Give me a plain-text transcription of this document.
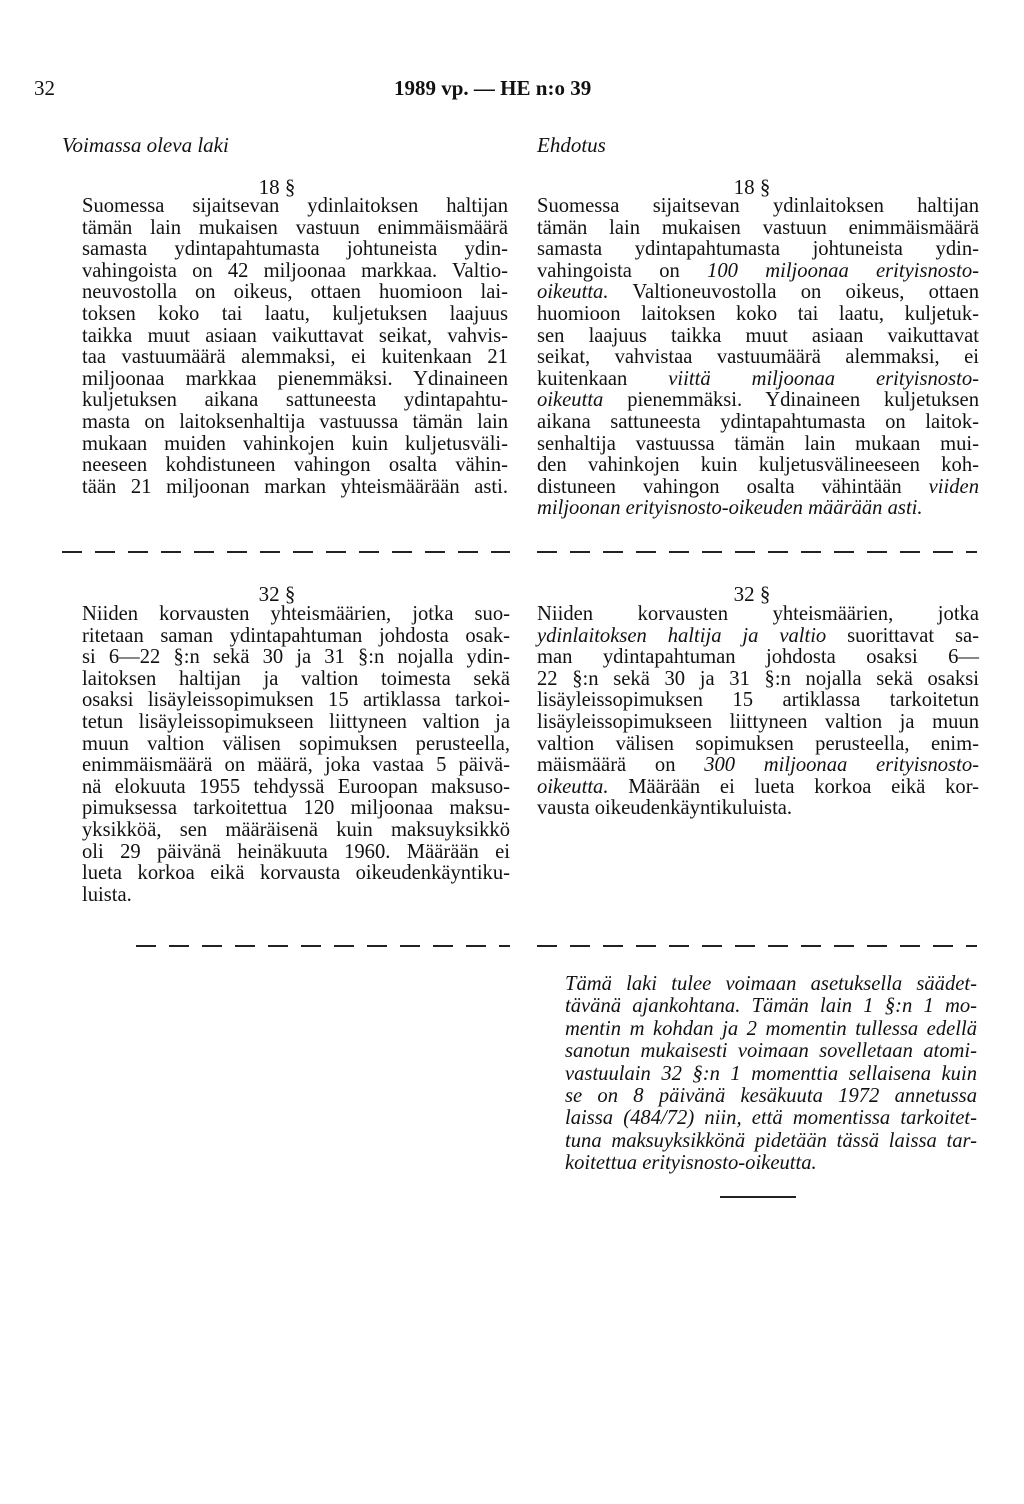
32	1989 vp. — HE n:o 39
Voimassa oleva laki	Ehdotus
18 §
Suomessa sijaitsevan ydinlaitoksen haltijan
tämän lain mukaisen vastuun enimmäismäärä
samasta ydintapahtumasta johtuneista ydin-
vahingoista on 42 miljoonaa markkaa. Valtio-
neuvostolla on oikeus, ottaen huomioon lai-
toksen koko tai laatu, kuljetuksen laajuus
taikka muut asiaan vaikuttavat seikat, vahvis-
taa vastuumäärä alemmaksi, ei kuitenkaan 21
miljoonaa markkaa pienemmäksi. Ydinaineen
kuljetuksen aikana sattuneesta ydintapahtu-
masta on laitoksenhaltija vastuussa tämän lain
mukaan muiden vahinkojen kuin kuljetusväli-
neeseen kohdistuneen vahingon osalta vähin-
tään 21 miljoonan markan yhteismäärään asti.
32 §
Niiden korvausten yhteismäärien, jotka suo-
ritetaan saman ydintapahtuman johdosta osak-
si 6—22 §:n sekä 30 ja 31 §:n nojalla ydin-
laitoksen haltijan ja valtion toimesta sekä
osaksi lisäyleissopimuksen 15 artiklassa tarkoi-
tetun lisäyleissopimukseen liittyneen valtion ja
muun valtion välisen sopimuksen perusteella,
enimmäismäärä on määrä, joka vastaa 5 päivä-
nä elokuuta 1955 tehdyssä Euroopan maksuso-
pimuksessa tarkoitettua 120 miljoonaa maksu-
yksikköä, sen määräisenä kuin maksuyksikkö
oli 29 päivänä heinäkuuta 1960. Määrään ei
lueta korkoa eikä korvausta oikeudenkäyntiku-
luista.
18 §
Suomessa sijaitsevan ydinlaitoksen haltijan
tämän lain mukaisen vastuun enimmäismäärä
samasta ydintapahtumasta johtuneista ydin-
vahingoista on 100 miljoonaa erityisnosto-
oikeutta. Valtioneuvostolla on oikeus, ottaen
huomioon laitoksen koko tai laatu, kuljetuk-
sen laajuus taikka muut asiaan vaikuttavat
seikat, vahvistaa vastuumäärä alemmaksi, ei
kuitenkaan viittä miljoonaa erityisnosto-
oikeutta pienemmäksi. Ydinaineen kuljetuksen
aikana sattuneesta ydintapahtumasta on laitok-
senhaltija vastuussa tämän lain mukaan mui-
den vahinkojen kuin kuljetusvälineeseen koh-
distuneen vahingon osalta vähintään viiden
miljoonan erityisnosto-oikeuden määrään asti.
32 §
Niiden korvausten yhteismäärien, jotka
ydinlaitoksen haltija ja valtio suorittavat sa-
man ydintapahtuman johdosta osaksi 6—
22 §:n sekä 30 ja 31 §:n nojalla sekä osaksi
lisäyleissopimuksen 15 artiklassa tarkoitetun
lisäyleissopimukseen liittyneen valtion ja muun
valtion välisen sopimuksen perusteella, enim-
mäismäärä on 300 miljoonaa erityisnosto-
oikeutta. Määrään ei lueta korkoa eikä kor-
vausta oikeudenkäyntikuluista.
Tämä laki tulee voimaan asetuksella säädet-
tävänä ajankohtana. Tämän lain 1 §:n 1 mo-
mentin m kohdan ja 2 momentin tullessa edellä
sanotun mukaisesti voimaan sovelletaan atomi-
vastuulain 32 §:n 1 momenttia sellaisena kuin
se on 8 päivänä kesäkuuta 1972 annetussa
laissa (484/72) niin, että momentissa tarkoitet-
tuna maksuyksikkönä pidetään tässä laissa tar-
koitettua erityisnosto-oikeutta.
